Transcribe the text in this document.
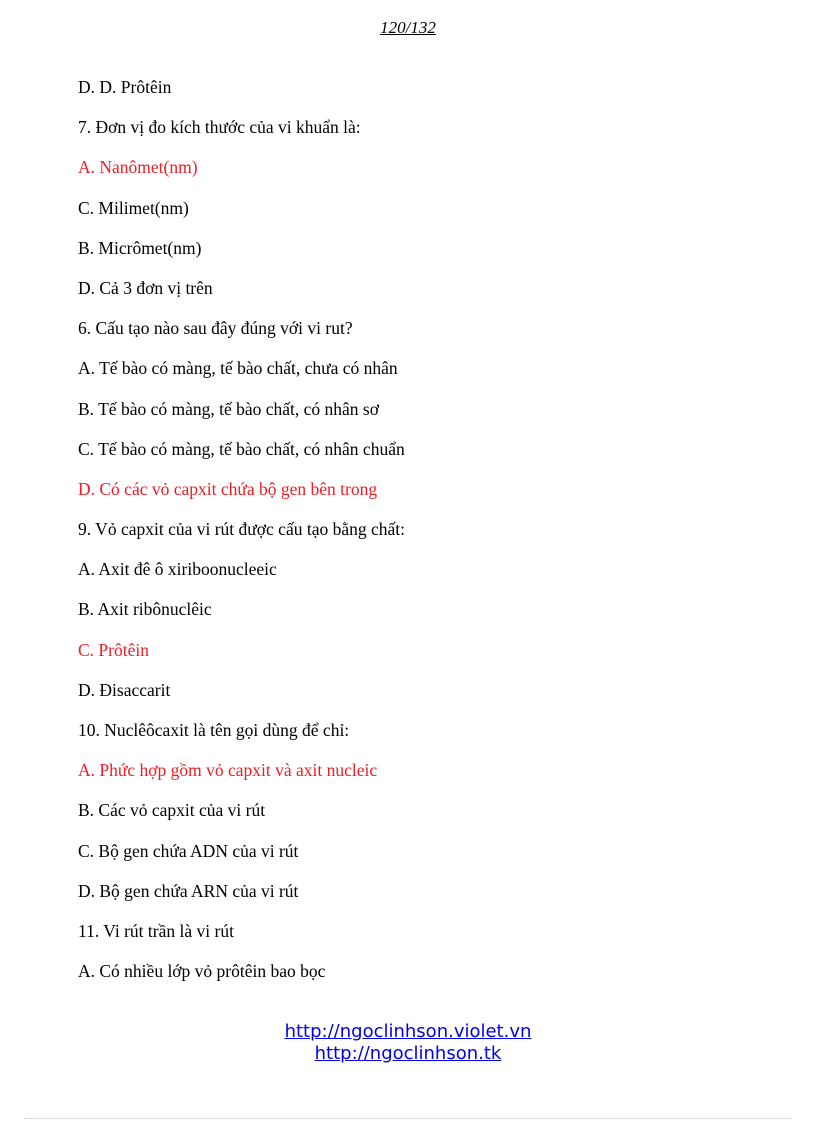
120/132
D. D. Prôtêin
7. Đơn vị đo kích thước của vi khuẩn là:
A. Nanômet(nm)
C. Milimet(nm)
B. Micrômet(nm)
D. Cả 3 đơn vị trên
6. Cấu tạo nào sau đây đúng với vi rut?
A. Tế bào có màng, tế bào chất, chưa có nhân
B. Tế bào có màng, tế bào chất, có nhân sơ
C. Tế bào có màng, tế bào chất, có nhân chuẩn
D. Có các vỏ capxit chứa bộ gen bên trong
9. Vỏ capxit của vi rút được cấu tạo bằng chất:
A. Axit đê ô xiriboonucleeic
B. Axit ribônuclêic
C. Prôtêin
D. Đisaccarit
10. Nuclêôcaxit là tên gọi dùng để chỉ:
A. Phức hợp gồm vỏ capxit và axit nucleic
B. Các vỏ capxit của vi rút
C. Bộ gen chứa ADN của vi rút
D. Bộ gen chứa ARN của vi rút
11. Vi rút trần là vi rút
A. Có nhiều lớp vỏ prôtêin bao bọc
http://ngoclinhson.violet.vn
http://ngoclinhson.tk
